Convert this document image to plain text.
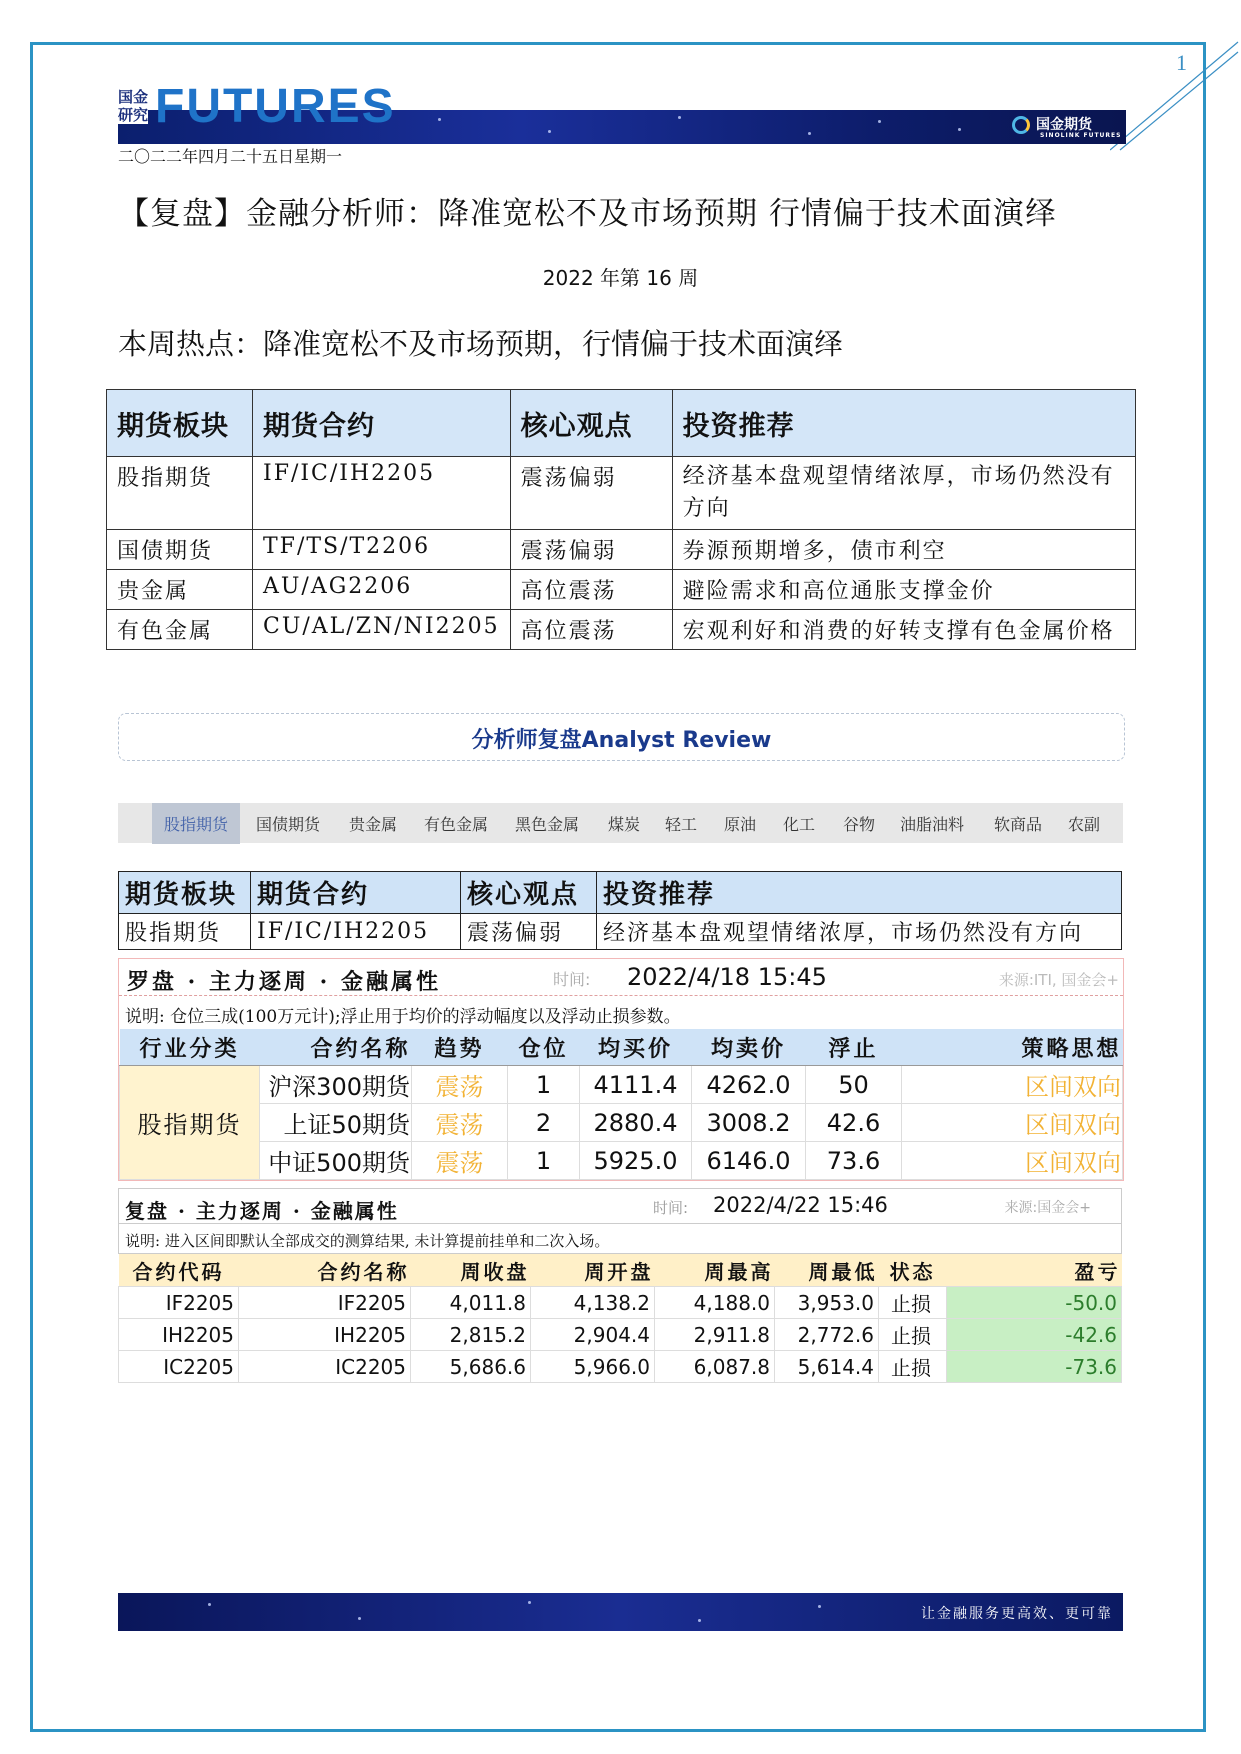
1
国金
研究 FUTURES	国金期货
SINOLINK FUTURES
二〇二二年四月二十五日星期一
【复盘】金融分析师：降准宽松不及市场预期 行情偏于技术面演绎
2022 年第 16 周
本周热点：降准宽松不及市场预期，行情偏于技术面演绎
期货板块	期货合约	核心观点	投资推荐
股指期货	IF/IC/IH2205	震荡偏弱	经济基本盘观望情绪浓厚，市场仍然没有方向
国债期货	TF/TS/T2206	震荡偏弱	券源预期增多，债市利空
贵金属	AU/AG2206	高位震荡	避险需求和高位通胀支撑金价
有色金属	CU/AL/ZN/NI2205	高位震荡	宏观利好和消费的好转支撑有色金属价格
分析师复盘Analyst Review
股指期货	国债期货 贵金属 有色金属 黑色金属 煤炭 轻工 原油 化工 谷物 油脂油料 软商品 农副
期货板块	期货合约	核心观点	投资推荐
股指期货	IF/IC/IH2205	震荡偏弱	经济基本盘观望情绪浓厚，市场仍然没有方向
罗盘 · 主力逐周 · 金融属性	时间: 2022/4/18 15:45	来源:ITI, 国金会+
说明: 仓位三成(100万元计);浮止用于均价的浮动幅度以及浮动止损参数。
行业分类	合约名称	趋势	仓位	均买价	均卖价	浮止	策略思想
股指期货	沪深300期货	震荡	1	4111.4	4262.0	50	区间双向
	上证50期货	震荡	2	2880.4	3008.2	42.6	区间双向
	中证500期货	震荡	1	5925.0	6146.0	73.6	区间双向
复盘 · 主力逐周 · 金融属性	时间: 2022/4/22 15:46	来源:国金会+
说明: 进入区间即默认全部成交的测算结果, 未计算提前挂单和二次入场。
合约代码	合约名称	周收盘	周开盘	周最高	周最低	状态	盈亏
IF2205	IF2205	4,011.8	4,138.2	4,188.0	3,953.0	止损	-50.0
IH2205	IH2205	2,815.2	2,904.4	2,911.8	2,772.6	止损	-42.6
IC2205	IC2205	5,686.6	5,966.0	6,087.8	5,614.4	止损	-73.6
让金融服务更高效、更可靠
